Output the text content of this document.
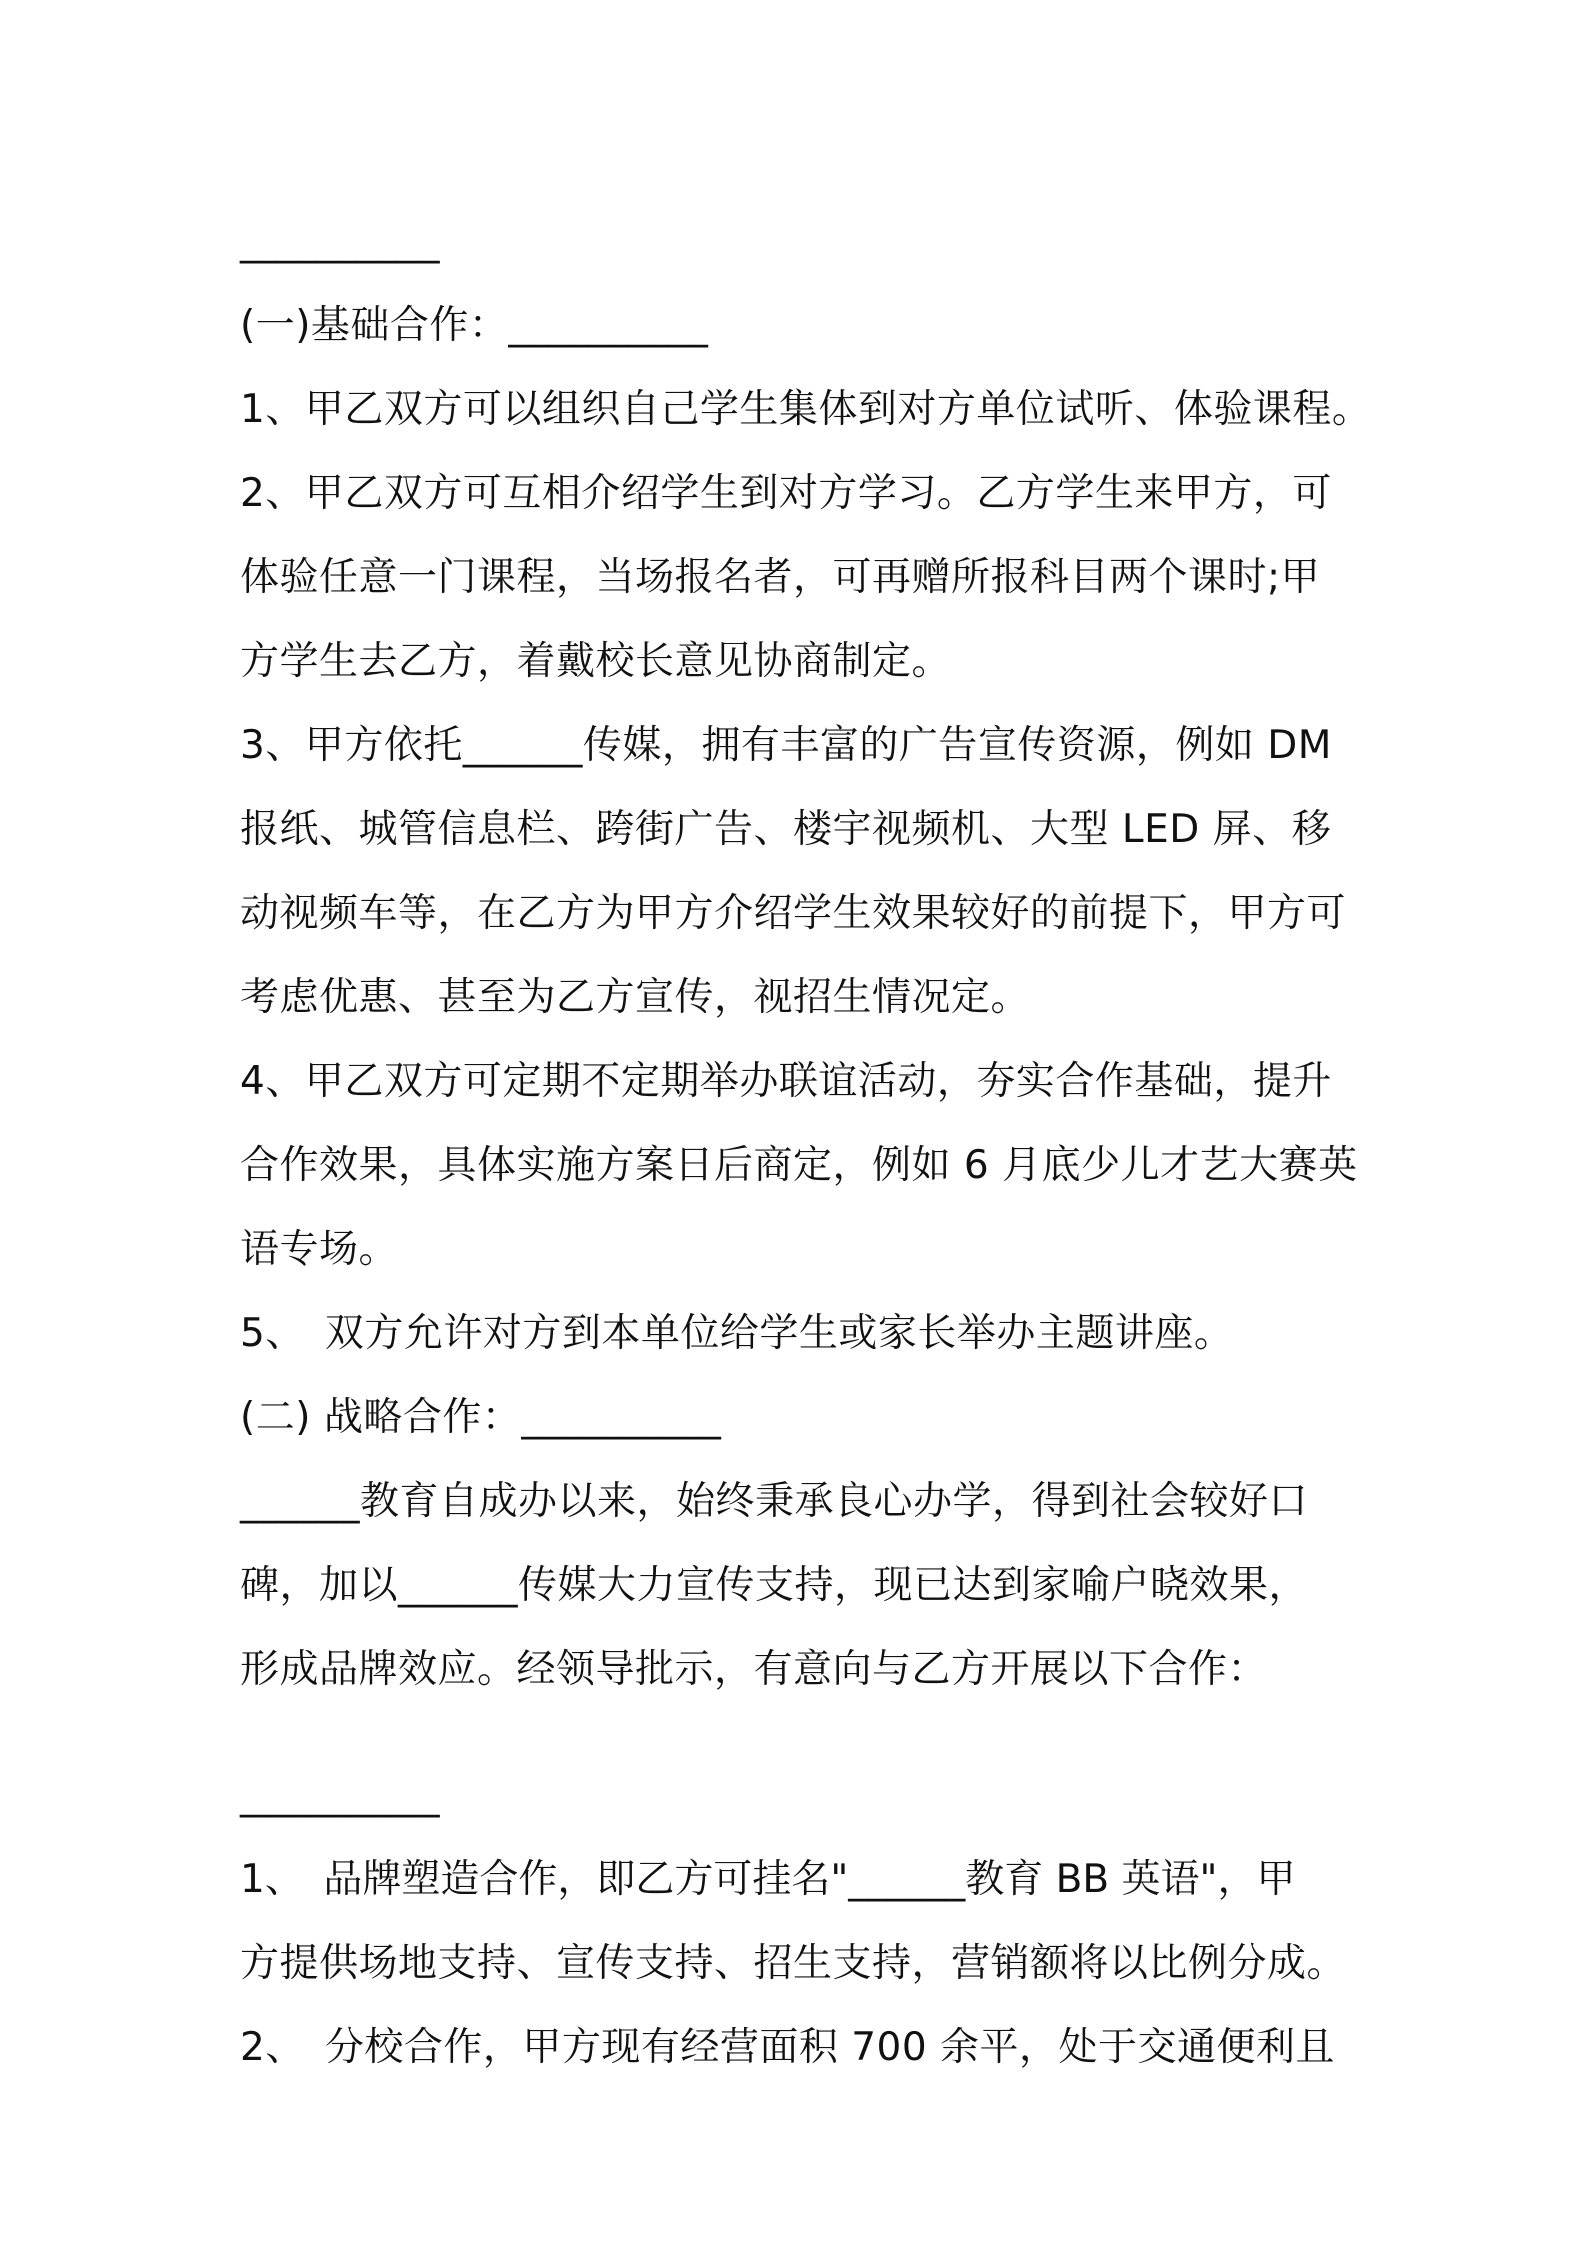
__________
(一)基础合作：__________
1、甲乙双方可以组织自己学生集体到对方单位试听、体验课程。
2、甲乙双方可互相介绍学生到对方学习。乙方学生来甲方，可
体验任意一门课程，当场报名者，可再赠所报科目两个课时;甲
方学生去乙方，着戴校长意见协商制定。
3、甲方依托______传媒，拥有丰富的广告宣传资源，例如 DM
报纸、城管信息栏、跨街广告、楼宇视频机、大型 LED 屏、移
动视频车等，在乙方为甲方介绍学生效果较好的前提下，甲方可
考虑优惠、甚至为乙方宣传，视招生情况定。
4、甲乙双方可定期不定期举办联谊活动，夯实合作基础，提升
合作效果，具体实施方案日后商定，例如 6 月底少儿才艺大赛英
语专场。
5、　双方允许对方到本单位给学生或家长举办主题讲座。
(二) 战略合作：__________
______教育自成办以来，始终秉承良心办学，得到社会较好口
碑，加以______传媒大力宣传支持，现已达到家喻户晓效果，
形成品牌效应。经领导批示，有意向与乙方开展以下合作：
__________
1、　品牌塑造合作，即乙方可挂名"______教育 BB 英语"，甲
方提供场地支持、宣传支持、招生支持，营销额将以比例分成。
2、　分校合作，甲方现有经营面积 700 余平，处于交通便利且
